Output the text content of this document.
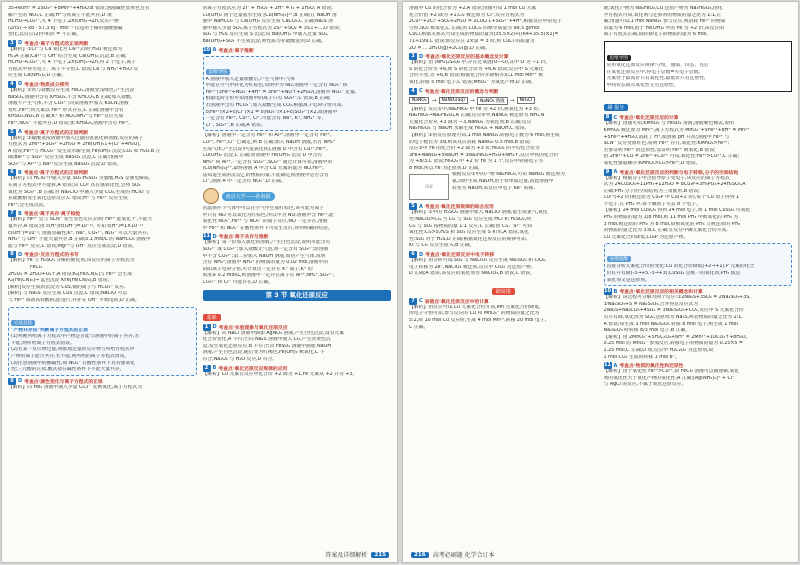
35+60H⁺ ≜ 2SO₄²⁻+8Mn²⁺+4H₂O,B 错误;溶液碱性显黄色且有
解产生的 NO₃,C 正确;H⁺与铁离子不能共存,D 项
HCHO→CO₂²⁻,失 4 个电子,Zn(OH)₂→Zn,反应产物
(ZnS) → xd · 57.3 kJ · mol⁻¹ 仅适用于稀的强酸强碱
变化,以反应(2)中和热 = 不正确。
3 D 考查点·离子方程式的正误判断
【解析】①Cl⁻与 Ca 氧化为 Ca²⁺,同时 H₂O 被还原为
H₂,A 正确;Ca²⁺与 OH⁻结合生成 Ca(OH)₂,沉淀,B 正确;
HCHO→CO₂²⁻,失 4 个电子,Zn(OH)₂→Zn,得 2 个电子,离子
方程式中得失电子、离子不守恒,C 错误;Ca 与 NH₄⁺+H₂O 反
应生成 Ca(NH₂)₂,D 正确。
4 D 考查点·物质成分探究
【解析】①铁与盐酸反应生成 FeCl₂,溶液变浅绿色,产生沉淀
BaSO₄,溶液中含有 KHSO₄,不含 KHCO₃,B 正确;加入盐酸,
溶液不产生气体,不含 CO₃²⁻;向某溶液中加入 KSCN,溶液
变红,Fe³⁺;铁元素以 Fe³⁺ 形式存在,C 正确;溶液中含有
KHSO₄,NO₃,B 正确;K⁺ 和 NO₃,NH₄⁺与 Fe²⁺反应生成
Fe³⁺,NO₃⁻ 不能共存,D 错误;加 KHSO₄,溶液中含有 Fe²⁺。
5 A 考查点·离子方程式的正误判断
【解析】①碳酸氢铵溶液中加入过量的氢氧化钠溶液,反应的离子
方程式为 2Fe³⁺+SO₃²⁻+2H₂O ≜ 2Fe(OH)₃↓+(Cl⁻+4H₂O),
A 错误;Fe³⁺与 HCO₃⁻ 发生双水解生成 Fe(OH)₃ 沉淀,CO₂ 和 H₂O,B 正
确;Ba²⁺与 SO₄²⁻反应生成 BaSO₄ 沉淀,C 正确;溶液中
SO₄²⁻与 Al³⁺与 Ba²⁺反应生成 BaSO₄ 沉淀,D 错误。
6 B 考查点·离子方程式的正误判断
【解析】向 HClO 中通入少量 SO₂:H₂SO₃ 为强酸,H₂S 是强电解质,
在离子方程式中不能拆,A 错误;向 CO² 具有强氧化性,会将 SO₂
氧化为 SO₄²⁻,B 正确;对 Na₂ClO 中通入少量 CO₂,生成的 HClO 与
亚硫酸根发生氧化还原反应,C 错误;H⁺ 与 Fe²⁺ 反应生成
Fe³⁺,会生成沉淀。
7 B 考查点·离子共存·离子检验
【解析】Fe²⁺ 会与 SCN⁻ 发生显色反应,同时 Fe²⁺ 能氧化 I⁻,不能大
量共存,A 错误;由 c(H⁺)/c(OH⁻)=10⁻¹², 可知 c(H⁺)=1×10⁻¹²
c(OH⁻)=10⁻², 溶液显碱性,K⁺, Na⁺, CO₃²⁻, NO₃⁻ 可以大量共存,
NH₄⁺ 与 OH⁻ 不能大量共存,B 正确;0.1 mol/L 的 NaHCO₃ 溶液中
能与 Fe³⁺ 反应,C 错误;Mg²⁺与 OH⁻ 反应生成沉淀,D 错误。
8 D 考查点·反应方程式的书写
【解析】Fe 与 H₂SO₄ 分解的催化剂,该反应的离子方程式为
FeCl₃
2H₂O₂ ≜ 2H₂O+O₂↑,A 错误;K₂[Fe(CN)₆]与 Fe²⁺ 会生成
K₂[Fe(CN)₆]→ 蓝色沉淀 KFe[Fe(CN)₆],B 错误;
[解析]反应生成的沉淀为 CuS,铜的离子与 HCO₃⁻ 反应,
[解析] 与 Na₂S 反应生成 CuS 沉淀,C 错误;NaClO 可以
与 Fe²⁺ 制备高铁酸钠,能进行,并补充 OH⁻ 平衡电荷,D 正确。
方法总结
"产物共存法"判断离子方程式的正误
(1)判断所给离子方程式中产物是否能与溶液中的离子共存,若
不能,则所给离子方程式错误。
(2)若某一反应物过量,则推理过量的反应物与所给方程式中
产物的离子能否共存,若不能,则所给的离子方程式错误。
(3)注意溶液中的酸碱性,如 NO₃⁻ 在酸性条件下具有强氧化
性;三元酸的正盐,酸式盐在碱性条件下不能大量共存。
9 D 考查点·颜色变化与离子方程式的正误
【解析】向 FeI₂ 溶液中通入少量 Cl₂,I⁻ 先被氧化,离子方程式为
的离子方程式应为 2I⁻ + H₂O₂ + 2H⁺ ≜ I₂ + 2H₂O, A 错误;
Cu(OH)₂ 溶于过量氨水生成 [Cu(NH₃)₄]²⁺,B 正确;在 NaOH 溶
液中 NaHCO₃ 与 Ca(OH)₂ 反应生成 CaCO₃,C 正确;Na₂S 溶
液中通入少量 SO₂,离子方程式为 2S²⁻+SO₂ ≜ 3S↓+...,D 错误;
SO₂ 与 H₂S 反应生成 S 沉淀;向 Ba(OH)₂ 中通入过量 SO₂,
Ba(OH)₂+SO₂ 不生成沉淀,则性质为亚硫酸氢钡,D 正确。
10 A 考查点·离子推断
思维导图
A 溶液中加入足量盐酸后,产生气体甲,气体
甲能在空气中转化为红棕色,说明甲为 NO,溶液中一定含有 NO₃⁻ 和
Fe²⁺ (3Fe²⁺+NO₃⁻+4H⁺ ≜ 3Fe³⁺+NO↑+2H₂O),溶液中 NO₃⁻ 足量,
根据电荷守恒可知溶液中阴离子只有 SO₄²⁻,C 错误,B 正确;
若溶液中含有 HCO₃⁻,加入盐酸生成 CO₂,根据离子电荷守恒可知,
c(Fe²⁺)×2+c(Cl⁻)×1 = c(NO₃⁻)×1+c(SO₄²⁻)×2,故溶液中
一定含有 Fe²⁺, Cu²⁺, Cl⁻,可能含有 Na⁺, K⁺, NH₄⁺ 等,
Cl⁻, SO₄²⁻,B 正确,A 错误。
【解析】溶液中一定含有 Fe²⁺ 和 Al³⁺,溶液中一定含有 Fe²⁺,
Cu²⁺, Fe³⁺,Cl⁻ 已确定,则 B 正确;加入 NaOH 溶液,若有 NH₄⁺
生成气体,产生沉淀甲(氢氧化铁),溶液 D 中含有 Cu²⁺,Fe³⁺,
Cu(OH)₂ 沉淀,C 正确;原溶液中 Fe(OH)₃ 沉淀 D 中含有
NH₄⁺ 和 Al³⁺,一定含有 SO₄²⁻,SO₄²⁻ 通过计算可知,溶液中的
[Cu(NH₃)₄]²⁺,最终溶液 A 中含 Cu 元素的量为 NO,Fe³⁺。
法知道生成的沉淀乙的物质的量,不能确定原溶液中是否含有
Cl⁻,溶液 A 中一定含有 NO₃⁻,D 正确。
南京大学——孙海韬
常温条件下气体甲可以在空气中生成红棕色,该可能为离子
中只有 NO 可以氧化为红棕色,所以甲为 NO,溶液中含 Fe²⁺,能
氧化性 NO₃⁻,Fe²⁺ 与 NO₃⁻ 的离子反应,NO 一定存在,溶液
中 Fe²⁺ 和 NO₃⁻ 在酸性条件下可发生反应,得到明确的结论。
11 D 考查点·离子共存与推断
【解析】第一份加入氯化钡溶液,产生白色沉淀,说明可能含有
SO₄²⁻ 或 CO₃²⁻;加入盐酸无气泡,则一定含有 SO₄²⁻;原溶液
中不含 CO₃²⁻;第二份加入 NaOH 溶液,加热产生气体,说明
含有 NH₄⁺;溶液中 NH₄⁺ 的物质的量为 0.02 mol,溶液中的
阴阳离子电荷守恒,可计算出一定存在 K⁺ 离子,K⁺ 的
浓度≥ 0.2 mol/L,则溶液中一定存在离子有 Al³⁺,NH₄⁺,SO₄²⁻,
CO₃²⁻ 和 Cl⁻ 可能存在,D 正确。
第 3 节 氧化还原反应
基础
1 D 考查点·实验现象与氧化还原反应
【解析】向 NaCl 溶液中滴加 AgNO₃ 溶液,产生白色沉淀,没有元素
化合价变化,A 不符合;向 Na₂S 溶液中通入 Cl₂,产生淡黄色沉
淀,发生氧化还原反应,B 不符合;向 FeSO₄ 溶液中滴加 NaOH
溶液,产生白色沉淀,随后变为红褐色,Fe(OH)₂ 被氧化,C 不
符合;Na₂O₂ 与 H₂O 反应,D 符合。
2 B 考查点·氧化还原反应规律的应用
【解析】Cu 元素在反应中化合价 +2 降为 +1,Fe 元素从 +2 升为 +3。
答案及详细解析	215
溶液中 Cu 的化合价为 +2,A 错误;由图可知 1 mol Cu 元素
化合价由 +2 降为 +1,Cl₂ 被还原为 Cl⁻,反应方程式为
2Cu²⁺+2Cl⁻+SO₂+2H₂O ≜ 2CuCl↓+SO₄²⁻+4H⁺,根据反应中的电子
守恒,SO₂ 被氧化,C 正确,由 CuCl₂ 的摩尔质量为 99.5 g/mol
CuCl,根据关系式可知生成的物质的量为(35.5×2)÷[(64+35.5)×2]=
71÷199,C 错误;如反应在 2×量 = 3 时,则 CuCl 的质量为
2O ≜ ... 2H₂O(g)+2Cl₂(g),D 正确。
3 D 考查点·氧化还原反应的基本概念及计算
【解析】由 (NH₄)₂S₂O₈ 中,存在过氧链(O—O),其中 O 为 −1 价,
S 的化合价为 +6,则 S 的化合价为 +6,A 错误;反应中 S 元素化
合价不变,为 +6,B 错误;根据化合价升降相等知,1 mol Mn²⁺ 被
氧化,转移 5 mol 电子,C 错误;MnO₄⁻ 为氧化产物,D 正确。
4 C 考查点·氧化还原反应的概念与判断
NaNO₂ →	NaNO₂(aq) →	NaNO₂ 溶液 →	NH₄Cl
【解析】反应①中,Na₂FeO₂ 中 Fe 为 +2 价,被氧化为 +3 价,
Na₂FeO₂→Na₂Fe₂O₄,A 正确;反应②中,NaNO₂ 被还原为 NH₃,N
元素化合价从 +3 降为 −3,NaNO₂ 为氧化剂,B 正确;反应
Na₂Fe₂O₄ 与 NaOH 水解生成 Fe₃O₄ + NaOH,C 错误。
【解析】①由反应原理可知,1 mol NaNO₂,转移电子数为 6 mol,则生成
的电子数目为 3N,则该反应消耗 NaNO₂ 0.5 mol,B 错误;
反应②中 Fe 的化合价 +2 降为 +3 价,Fe₃O₄ 的平均化合价为
3Fe+NaNO₂+5NaOH ≜ 3Na₂FeO₂+H₂O+NH₃↑,反应中铁的化合价
为 +8/3,C 错误;Fe₃O₄ 中 +2 价 Fe 为 1 个,反应中转移电子为
8 mol,所以 Fe 为还原剂,D 正确。
印章
根据反应①中的产物 Na₂FeO₂,可知 NaNO₂ 被还原为
氨,同时生成 NaOH,由于铁单质过量,因此溶液中
转变为 NaOH,该反应中电子 6e⁻ 转移。
5 A 考查点·氧化还原规律的综合应用
【解析】①中的 H₂SO₄ 溶液中加入 NaClO 溶液,能生成氯气,氧化
性:NaClO>Cl₂,当 Cl₂ 与 SO₂ 反应生成 HCl 和 H₂SO₄,则
Cl₂ 与 SO₂ 按物质的量 1:1 反应,C 正确;由 Cl₂、S²⁻ 可知
氧化性:Cl₂>S,H₂S 和 SO₂ 反应生成 S 和水,A 错误,氧化
性:SO₂ 对于 H₂S,D 正确;根据氧化还原反应的规律可知,
KI 与 Cl₂ 反应生成 I₂,B 正确。
6 D 考查点·氧化还原反应中电子转移
【解析】由分析可知,SO₂ 与 NaClO₃ 反应生成 Na₂SO₄ 和 ClO₂,
电子转移为 2e⁻,NaClO₃ 被还原,反应中 ClO₂ 为还原产物,
D 正确;A 错误,该反应的氧化剂为 NaClO₃,B 错误,C 错误。
刷易错
7 C 易错点·氧化还原反应中的计算
【解析】由反应可知,Cu 元素化合价升高,Mn 元素化合价降低,
由电子守恒可知,参与反应的 Cu 和 MnO₄⁻ 的物质的量之比为
5:2,故 10 mol Cu 反应时,生成 4 mol Mn²⁺,转移 20 mol 电子,
C 正确。
键;氧化产物为 Na₂FeO₂,Cu 还原产物为 Na₂Fe₂O₄,由化
学方程式可知,氧化剂与还原剂的物质的量之比为 1:1,正
确;由题可知,1 mol NaNO₂ 参与反应,则消耗 Fe²⁺ 的物质
的量为 6 mol,由于 Fe(OH)₂ 中的 Fe 为 +2 价,该反应的
离子方程式正确,故转移电子的物质的量为 6 mol。
思维导图
常用氧化还原反应规律:守恒、强弱、价态、先后
在氧化还原反应中,得电子总数=失电子总数。
元素处于最高价只有氧化性,最低价只有还原性,
中间价态既有氧化性又有还原性。
刷 提分
8 C 考查点·氧化还原反应的计算
【解析】由题可知,KMnO₄ 与 FeSO₄ 溶液,溶液紫色褪去,说明
KMnO₄ 被还原为 Mn²⁺,离子方程式为 MnO₄⁻+5Fe²⁺+8H⁺ ≜ Mn²⁺
+5Fe³⁺+4H₂O,消耗了 H⁺,使溶液 pH 升高;溶液中 Fe³⁺ 与
SCN⁻ 反应变血红色,说明 Fe³⁺ 存在,氧化性:KMnO₄>Fe³⁺;
若要证明 Fe²⁺ 的还原性,需证明 Fe²⁺ 被氧化,B 错误;
由 2Fe³⁺+Cu ≜ 2Fe²⁺+Cu²⁺ 可知,氧化性:Fe³⁺>Cu²⁺,C 正确;
氧化性强弱顺序:KMnO₄>Cl₂>Fe³⁺,D 错误。
9 A 考查点·氧化还原反应的判断与电子转移,分子的空间结构
【解析】根据分子中含指导原子受电子,该反应的离子方程式
式为 24CuSO₄+11PH₃+12H₂O ≜ 8Cu₃P+3H₃PO₄+24H₂SO₄,A
正确;PH₃ 分子的空间结构为三角锥形,B 错误;
Cu²⁺(+2 价)被还原为 Cu₃P 中 Cu(+1 价),每个 Cu 原子得到 1
个电子,在 PH₃ 中,每个磷原子失去 8 个电子。
【解析】24 mol CuSO₄ 得到 24 mol 电子,则 1 mol CuSO₄ 可氧化
PH₃ 的物质的量为 1/8 mol,则 11 mol PH₃ 中被氧化的 PH₃ 为
3 mol,被还原的 PH₃ 为 8 mol,故被氧化的 PH₃ 与被还原的 PH₃
的物质的量之比为 3:8,C 正确;在反应中磷元素化合价升高,
Cu 元素化合价降低,Cu₃P 为还原产物。
易错提醒
直接分析元素化合价的变化:Cu 的化合价降低(+2→+1),P 元素的化合
价有升有降(-3→+5,-3→+3),CuSO₄ 是唯一的氧化剂,PH₃ 既是
氧化剂又是还原剂。
10 B 考查点·氧化还原反应的相关概念和计算
【解析】该过程可分解为两个反应:①2Na₂S+3SO₂ ≜ 2Na₂SO₃+3S,
②Na₂SO₃+S ≜ Na₂S₂O₃,合并得总反应式为
2Na₂S+Na₂CO₃+4SO₂ ≜ 3Na₂S₂O₃+CO₂,反应中 S 元素化合价
有升有降,氧化剂为 SO₂,还原剂为 Na₂S,两者物质的量之比为 2:1,
A 错误;每生成 3 mol Na₂S₂O₃ 转移 8 mol 电子,则生成 1 mol
Na₂S₂O₃ 时转移 8/3 mol 电子,B 正确。
【解析】由 2MnO₄⁻+5H₂C₂O₄+6H⁺ ≜ 2Mn²⁺+10CO₂↑+8H₂O,
0.25 mol 的 MnO₄⁻ 参加反应,转移电子的物质的量为 0.25×5 =
1.25 mol,C 正确;D 项,反应中 H₂C₂O₄ 为还原剂,故
1 mol CO₂ 生成时转移 1 mol e⁻。
11 A 考查点·物质的氧化性和还原性
【解析】由于氧化性 Fe³⁺>Cu²⁺,故 FeCl₃ 溶液可以腐蚀铜,氧化
剂的氧化性大于氧化产物的氧化性,A 正确;[Ag(NH₃)₂]⁺ + Cl⁻
与 AgCl 的反应,不属于氧化还原反应。
216	高考必刷题 化学合订本
